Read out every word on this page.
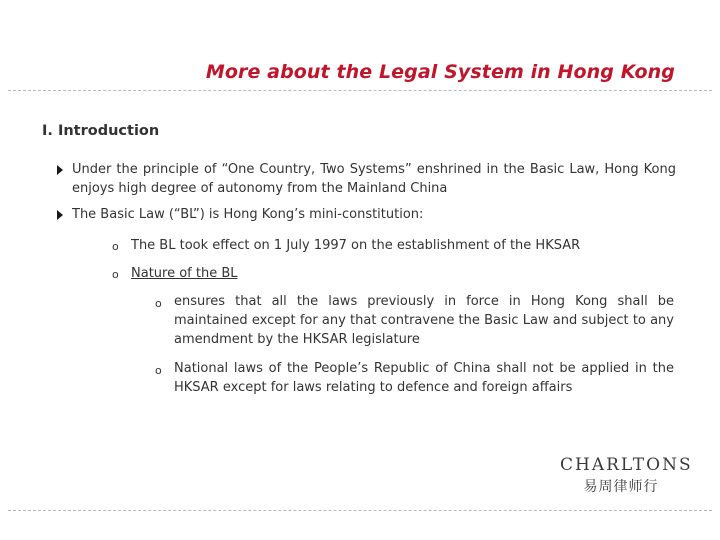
More about the Legal System in Hong Kong
I. Introduction
Under the principle of “One Country, Two Systems” enshrined in the Basic Law, Hong Kong enjoys high degree of autonomy from the Mainland China
The Basic Law (“BL”) is Hong Kong’s mini-constitution:
o The BL took effect on 1 July 1997 on the establishment of the HKSAR
o Nature of the BL
o ensures that all the laws previously in force in Hong Kong shall be maintained except for any that contravene the Basic Law and subject to any amendment by the HKSAR legislature
o National laws of the People’s Republic of China shall not be applied in the HKSAR except for laws relating to defence and foreign affairs
CHARLTONS
易周律师行
